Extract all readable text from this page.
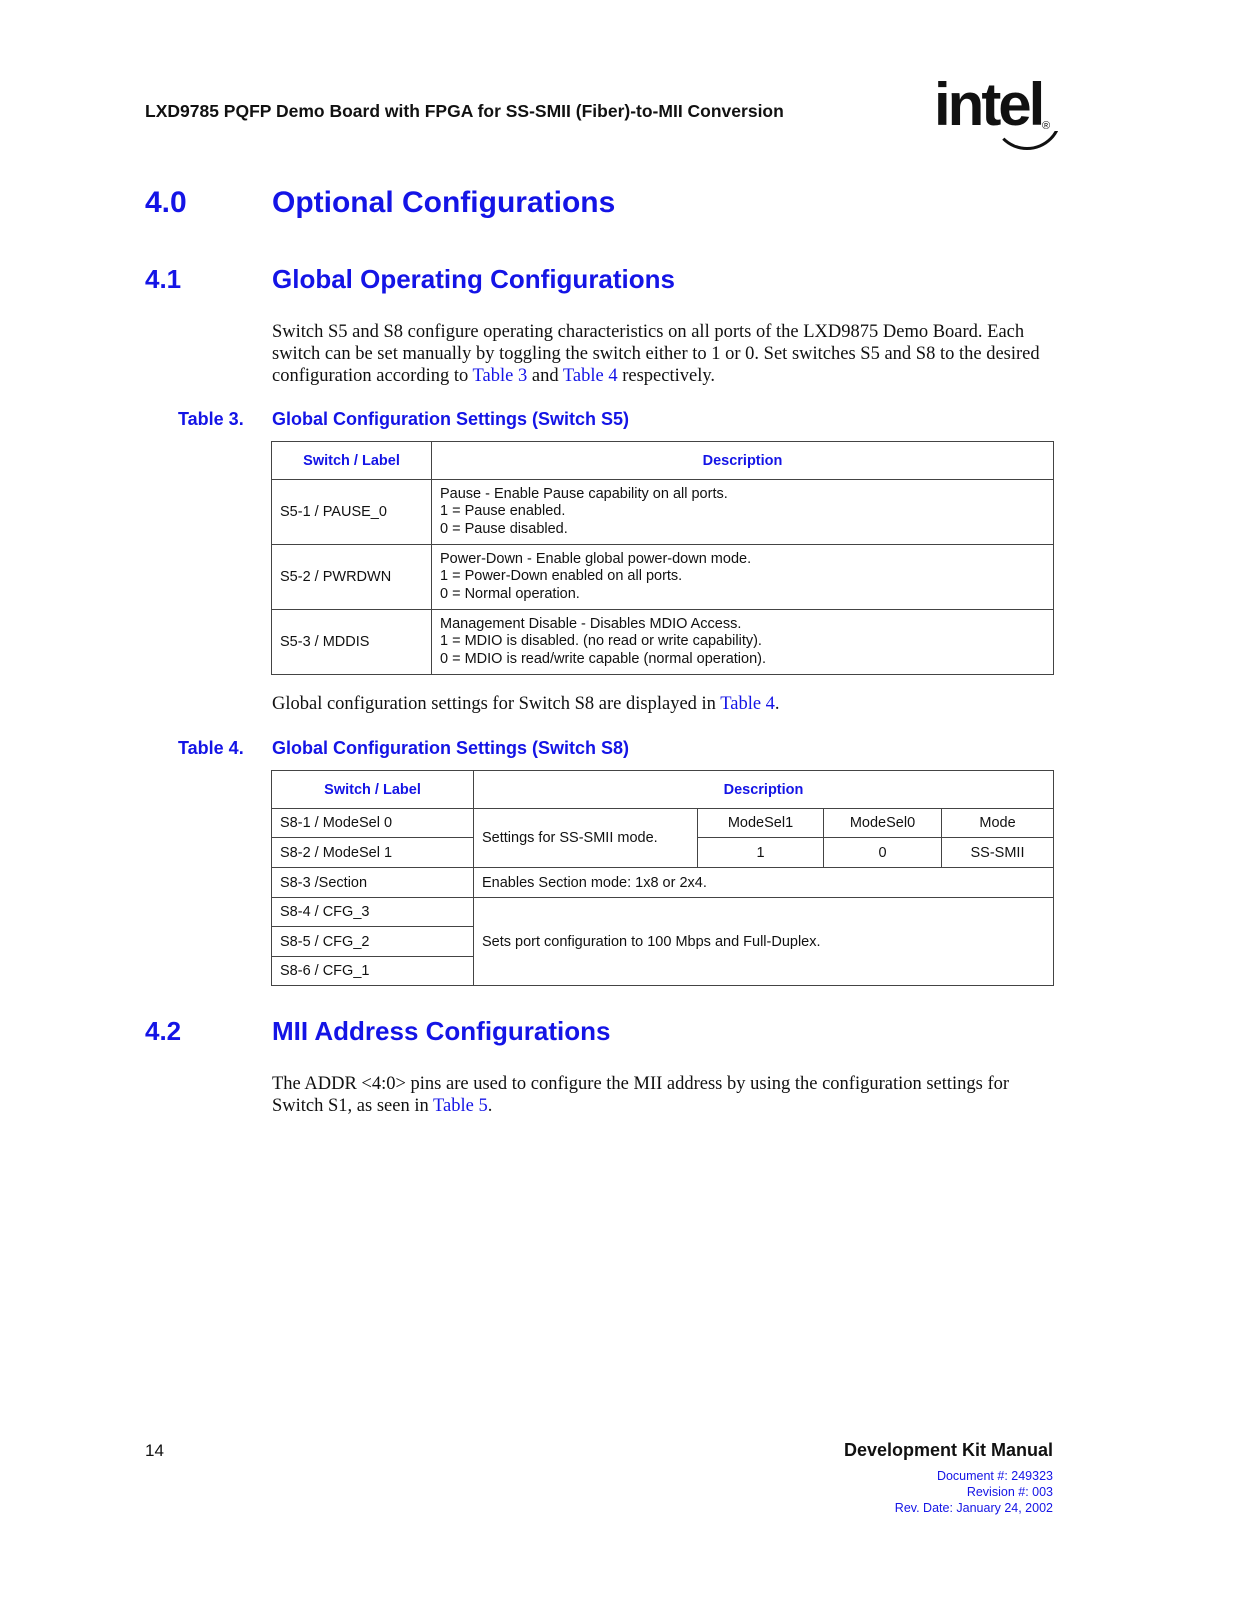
LXD9785 PQFP Demo Board with FPGA for SS-SMII (Fiber)-to-MII Conversion	intel ®
4.0	Optional Configurations
4.1	Global Operating Configurations
Switch S5 and S8 configure operating characteristics on all ports of the LXD9875 Demo Board. Each switch can be set manually by toggling the switch either to 1 or 0. Set switches S5 and S8 to the desired configuration according to Table 3 and Table 4 respectively.
Table 3. Global Configuration Settings (Switch S5)
Switch / Label	Description
S5-1 / PAUSE_0	Pause - Enable Pause capability on all ports.
1 = Pause enabled.
0 = Pause disabled.

S5-2 / PWRDWN	Power-Down - Enable global power-down mode.
1 = Power-Down enabled on all ports.
0 = Normal operation.

S5-3 / MDDIS	Management Disable - Disables MDIO Access.
1 = MDIO is disabled. (no read or write capability).
0 = MDIO is read/write capable (normal operation).
Global configuration settings for Switch S8 are displayed in Table 4.
Table 4. Global Configuration Settings (Switch S8)
Switch / Label	Description			
S8-1 / ModeSel 0	Settings for SS-SMII mode.	ModeSel1	ModeSel0	Mode
S8-2 / ModeSel 1		1	0	SS-SMII
S8-3 /Section	Enables Section mode: 1x8 or 2x4.			
S8-4 / CFG_3	Sets port configuration to 100 Mbps and Full-Duplex.			
S8-5 / CFG_2				
S8-6 / CFG_1				
4.2	MII Address Configurations
The ADDR <4:0> pins are used to configure the MII address by using the configuration settings for Switch S1, as seen in Table 5.
14	Development Kit Manual
Document #: 249323
Revision #: 003
Rev. Date: January 24, 2002
